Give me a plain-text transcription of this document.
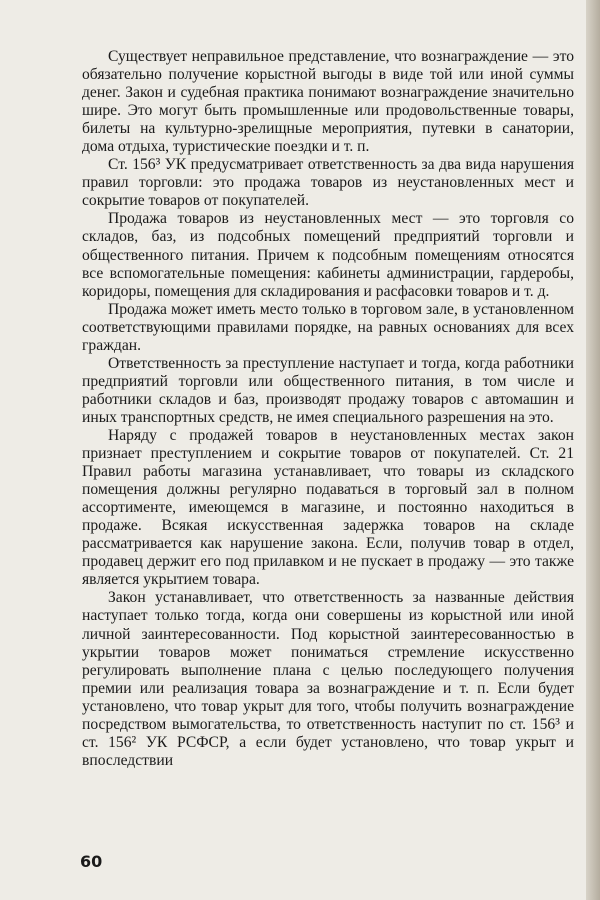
Существует неправильное представление, что вознаграждение — это обязательно получение корыстной выгоды в виде той или иной суммы денег. Закон и судебная практика понимают вознаграждение значительно шире. Это могут быть промышленные или продовольственные товары, билеты на культурно-зрелищные мероприятия, путевки в санатории, дома отдыха, туристические поездки и т. п.

Ст. 156³ УК предусматривает ответственность за два вида нарушения правил торговли: это продажа товаров из неустановленных мест и сокрытие товаров от покупателей.

Продажа товаров из неустановленных мест — это торговля со складов, баз, из подсобных помещений предприятий торговли и общественного питания. Причем к подсобным помещениям относятся все вспомогательные помещения: кабинеты администрации, гардеробы, коридоры, помещения для складирования и расфасовки товаров и т. д.

Продажа может иметь место только в торговом зале, в установленном соответствующими правилами порядке, на равных основаниях для всех граждан.

Ответственность за преступление наступает и тогда, когда работники предприятий торговли или общественного питания, в том числе и работники складов и баз, производят продажу товаров с автомашин и иных транспортных средств, не имея специального разрешения на это.

Наряду с продажей товаров в неустановленных местах закон признает преступлением и сокрытие товаров от покупателей. Ст. 21 Правил работы магазина устанавливает, что товары из складского помещения должны регулярно подаваться в торговый зал в полном ассортименте, имеющемся в магазине, и постоянно находиться в продаже. Всякая искусственная задержка товаров на складе рассматривается как нарушение закона. Если, получив товар в отдел, продавец держит его под прилавком и не пускает в продажу — это также является укрытием товара.

Закон устанавливает, что ответственность за названные действия наступает только тогда, когда они совершены из корыстной или иной личной заинтересованности. Под корыстной заинтересованностью в укрытии товаров может пониматься стремление искусственно регулировать выполнение плана с целью последующего получения премии или реализация товара за вознаграждение и т. п. Если будет установлено, что товар укрыт для того, чтобы получить вознаграждение посредством вымогательства, то ответственность наступит по ст. 156³ и ст. 156² УК РСФСР, а если будет установлено, что товар укрыт и впоследствии

60
